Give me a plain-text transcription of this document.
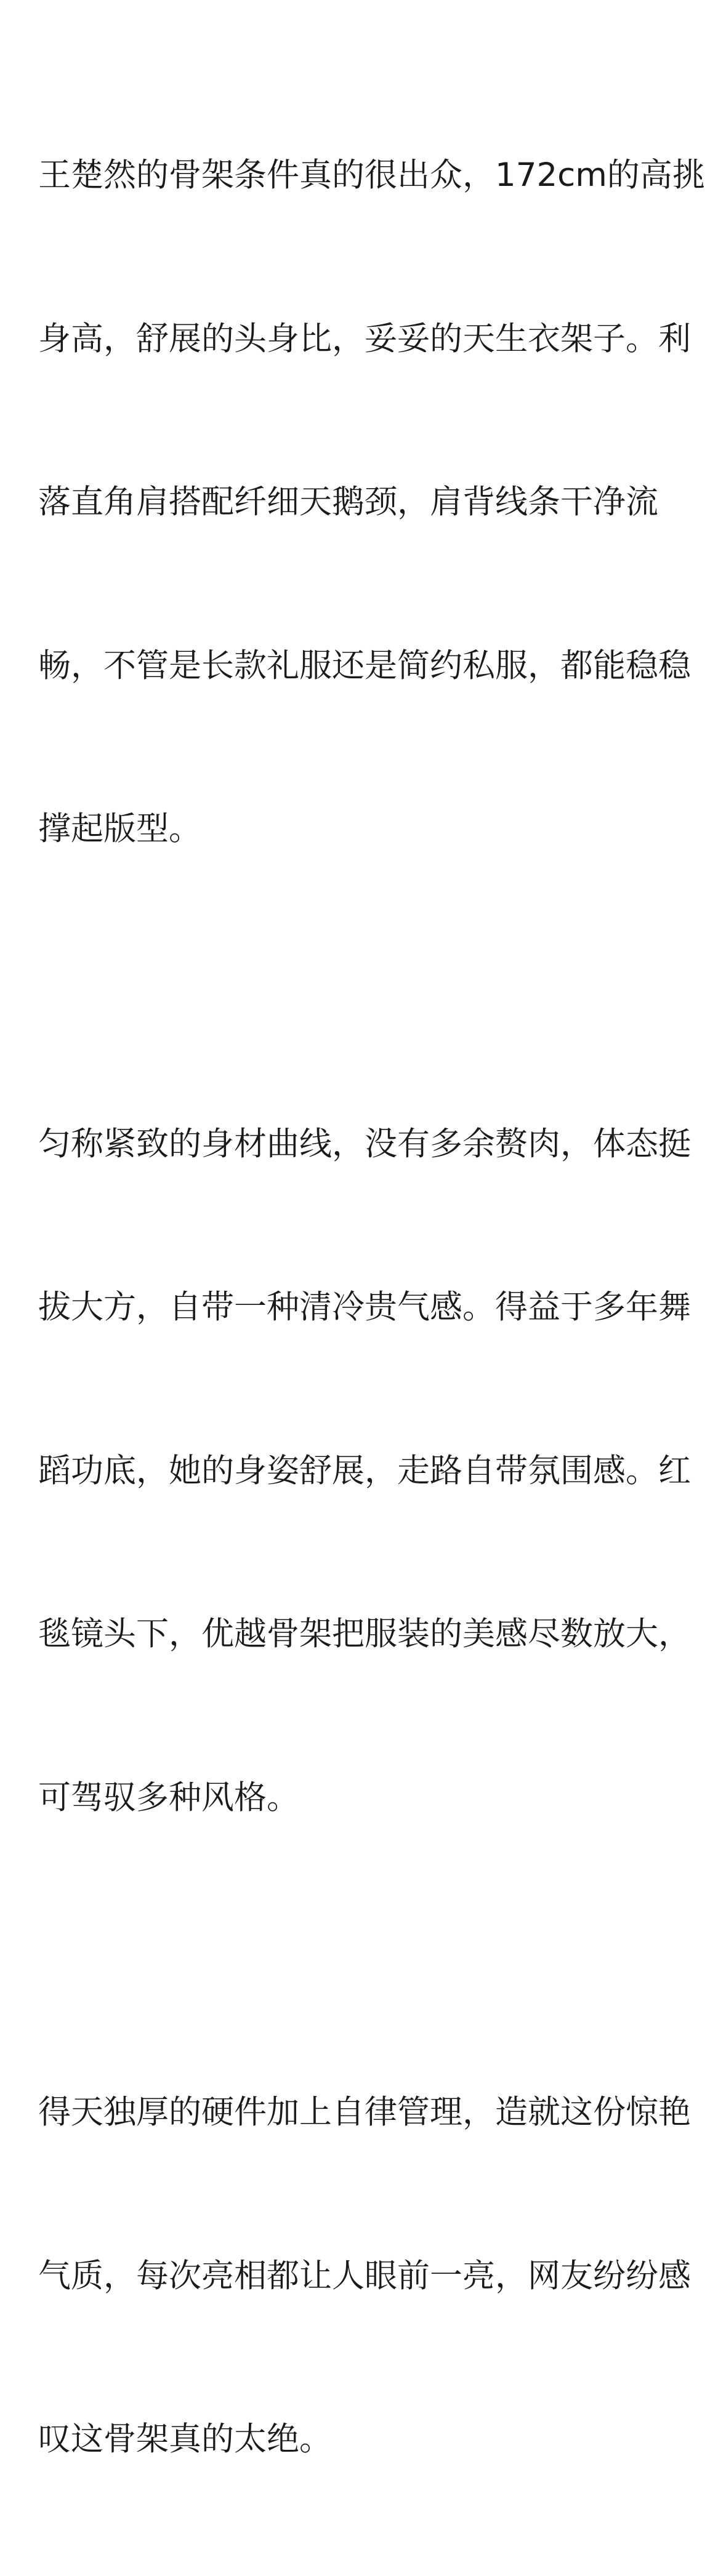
王楚然的骨架条件真的很出众，172cm的高挑

身高，舒展的头身比，妥妥的天生衣架子。利

落直角肩搭配纤细天鹅颈，肩背线条干净流

畅，不管是长款礼服还是简约私服，都能稳稳

撑起版型。

匀称紧致的身材曲线，没有多余赘肉，体态挺

拔大方，自带一种清冷贵气感。得益于多年舞

蹈功底，她的身姿舒展，走路自带氛围感。红

毯镜头下，优越骨架把服装的美感尽数放大，

可驾驭多种风格。

得天独厚的硬件加上自律管理，造就这份惊艳

气质，每次亮相都让人眼前一亮，网友纷纷感

叹这骨架真的太绝。
